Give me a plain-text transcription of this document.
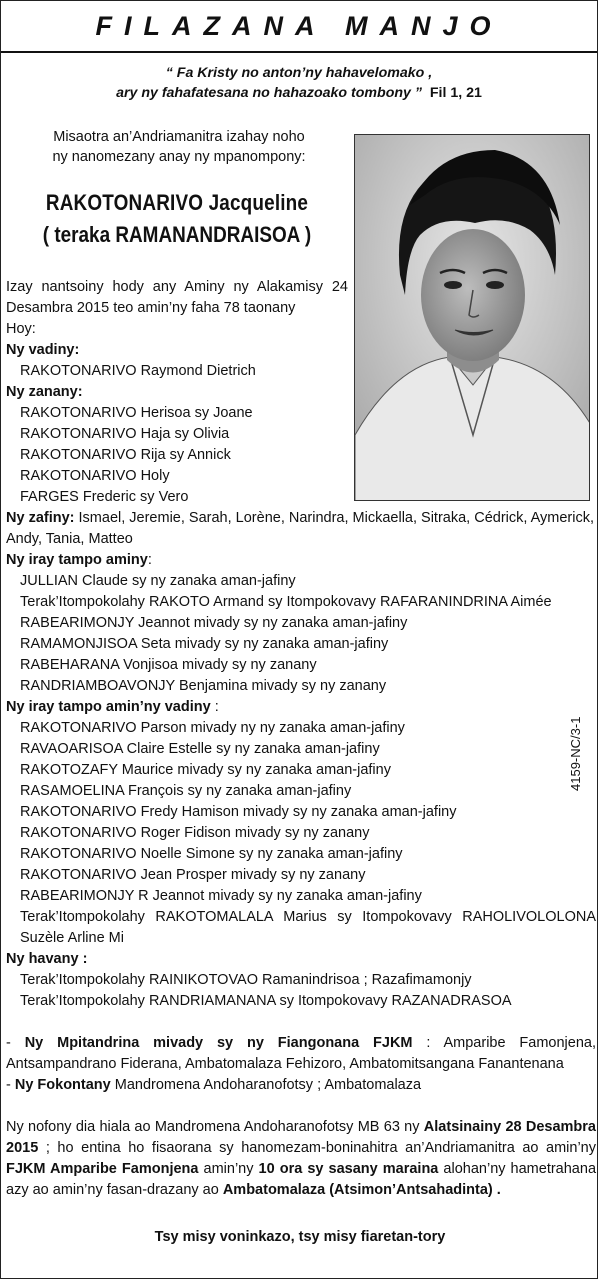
FILAZANA MANJO
“ Fa Kristy no anton’ny hahavelomako ,
ary ny fahafatesana no hahazoako tombony ” Fil 1, 21
Misaotra an’Andriamanitra izahay noho
ny nanomezany anay ny mpanompony:
RAKOTONARIVO Jacqueline
( teraka RAMANANDRAISOA )

Izay nantsoiny hody any Aminy ny Alakamisy 24 Desambra 2015 teo amin’ny faha 78 taonany

Hoy:

Ny vadiny:

RAKOTONARIVO Raymond Dietrich

Ny zanany:

RAKOTONARIVO Herisoa sy Joane

RAKOTONARIVO Haja sy Olivia

RAKOTONARIVO Rija sy Annick

RAKOTONARIVO Holy

FARGES Frederic sy Vero

Ny zafiny: Ismael, Jeremie, Sarah, Lorène, Narindra, Mickaella, Sitraka, Cédrick, Aymerick, Andy, Tania, Matteo

Ny iray tampo aminy:

JULLIAN Claude sy ny zanaka aman-jafiny

Terak’Itompokolahy RAKOTO Armand sy Itompokovavy RAFARANINDRINA Aimée

RABEARIMONJY Jeannot mivady sy ny zanaka aman-jafiny

RAMAMONJISOA Seta mivady sy ny zanaka aman-jafiny

RABEHARANA Vonjisoa mivady sy ny zanany

RANDRIAMBOAVONJY Benjamina mivady sy ny zanany

Ny iray tampo amin’ny vadiny :

RAKOTONARIVO Parson mivady ny ny zanaka aman-jafiny

RAVAOARISOA Claire Estelle sy ny zanaka aman-jafiny

RAKOTOZAFY Maurice mivady sy ny zanaka aman-jafiny

RASAMOELINA François sy ny zanaka aman-jafiny

RAKOTONARIVO Fredy Hamison mivady sy ny zanaka aman-jafiny

RAKOTONARIVO Roger Fidison mivady sy ny zanany

RAKOTONARIVO Noelle Simone sy ny zanaka aman-jafiny

RAKOTONARIVO Jean Prosper mivady sy ny zanany

RABEARIMONJY R Jeannot mivady sy ny zanaka aman-jafiny

Terak’Itompokolahy RAKOTOMALALA Marius sy Itompokovavy RAHOLIVOLOLONA Suzèle Arline Mi

Ny havany :

Terak’Itompokolahy RAINIKOTOVAO Ramanindrisoa ; Razafimamonjy

Terak’Itompokolahy RANDRIAMANANA sy Itompokovavy RAZANADRASOA

- Ny Mpitandrina mivady sy ny Fiangonana FJKM : Amparibe Famonjena, Antsampandrano Fiderana, Ambatomalaza Fehizoro, Ambatomitsangana Fanantenana

- Ny Fokontany Mandromena Andoharanofotsy ; Ambatomalaza

Ny nofony dia hiala ao Mandromena Andoharanofotsy MB 63 ny Alatsinainy 28 Desambra 2015 ; ho entina ho fisaorana sy hanomezam-boninahitra an’Andriamanitra ao amin’ny FJKM Amparibe Famonjena amin’ny 10 ora sy sasany maraina alohan’ny hametrahana azy ao amin’ny fasan-drazany ao Ambatomalaza (Atsimon’Antsahadinta) .

4159-NC/3-1
Tsy misy voninkazo, tsy misy fiaretan-tory
